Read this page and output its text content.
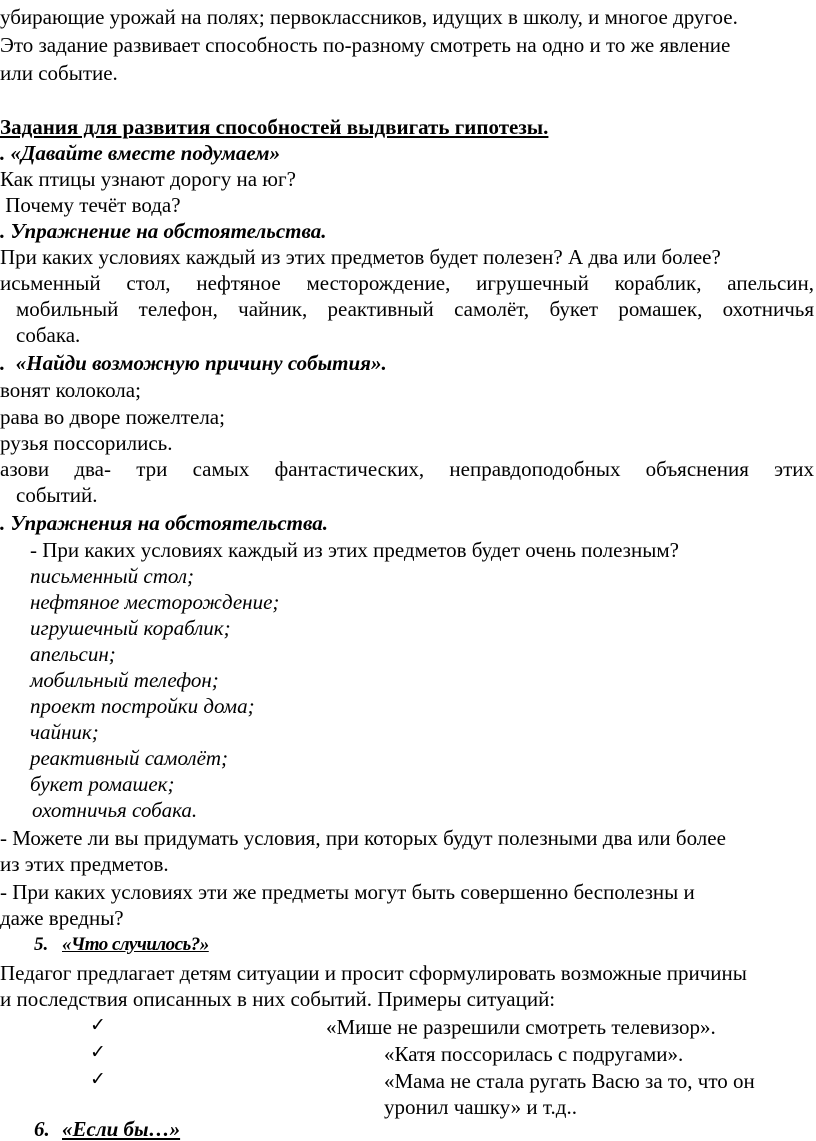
убирающие урожай на полях; первоклассников, идущих в школу, и многое другое.
Это задание развивает способность по-разному смотреть на одно и то же явление
или событие.
Задания для развития способностей выдвигать гипотезы.
. «Давайте вместе подумаем»
Как птицы узнают дорогу на юг?
Почему течёт вода?
. Упражнение на обстоятельства.
При каких условиях каждый из этих предметов будет полезен? А два или более?
исьменный стол, нефтяное месторождение, игрушечный кораблик, апельсин,
мобильный телефон, чайник, реактивный самолёт, букет ромашек, охотничья
собака.
.  «Найди возможную причину события».
вонят колокола;
рава во дворе пожелтела;
рузья поссорились.
азови два- три самых фантастических, неправдоподобных объяснения этих
событий.
. Упражнения на обстоятельства.
- При каких условиях каждый из этих предметов будет очень полезным?
письменный стол;
нефтяное месторождение;
игрушечный кораблик;
апельсин;
мобильный телефон;
проект постройки дома;
чайник;
реактивный самолёт;
букет ромашек;
охотничья собака.
- Можете ли вы придумать условия, при которых будут полезными два или более
из этих предметов.
- При каких условиях эти же предметы могут быть совершенно бесполезны и
даже вредны?
5. «Что случилось?»
Педагог предлагает детям ситуации и просит сформулировать возможные причины
и последствия описанных в них событий. Примеры ситуаций:
✓	«Мише не разрешили смотреть телевизор».
✓	«Катя поссорилась с подругами».
✓	«Мама не стала ругать Васю за то, что он
уронил чашку» и т.д..
6. «Если бы…»
